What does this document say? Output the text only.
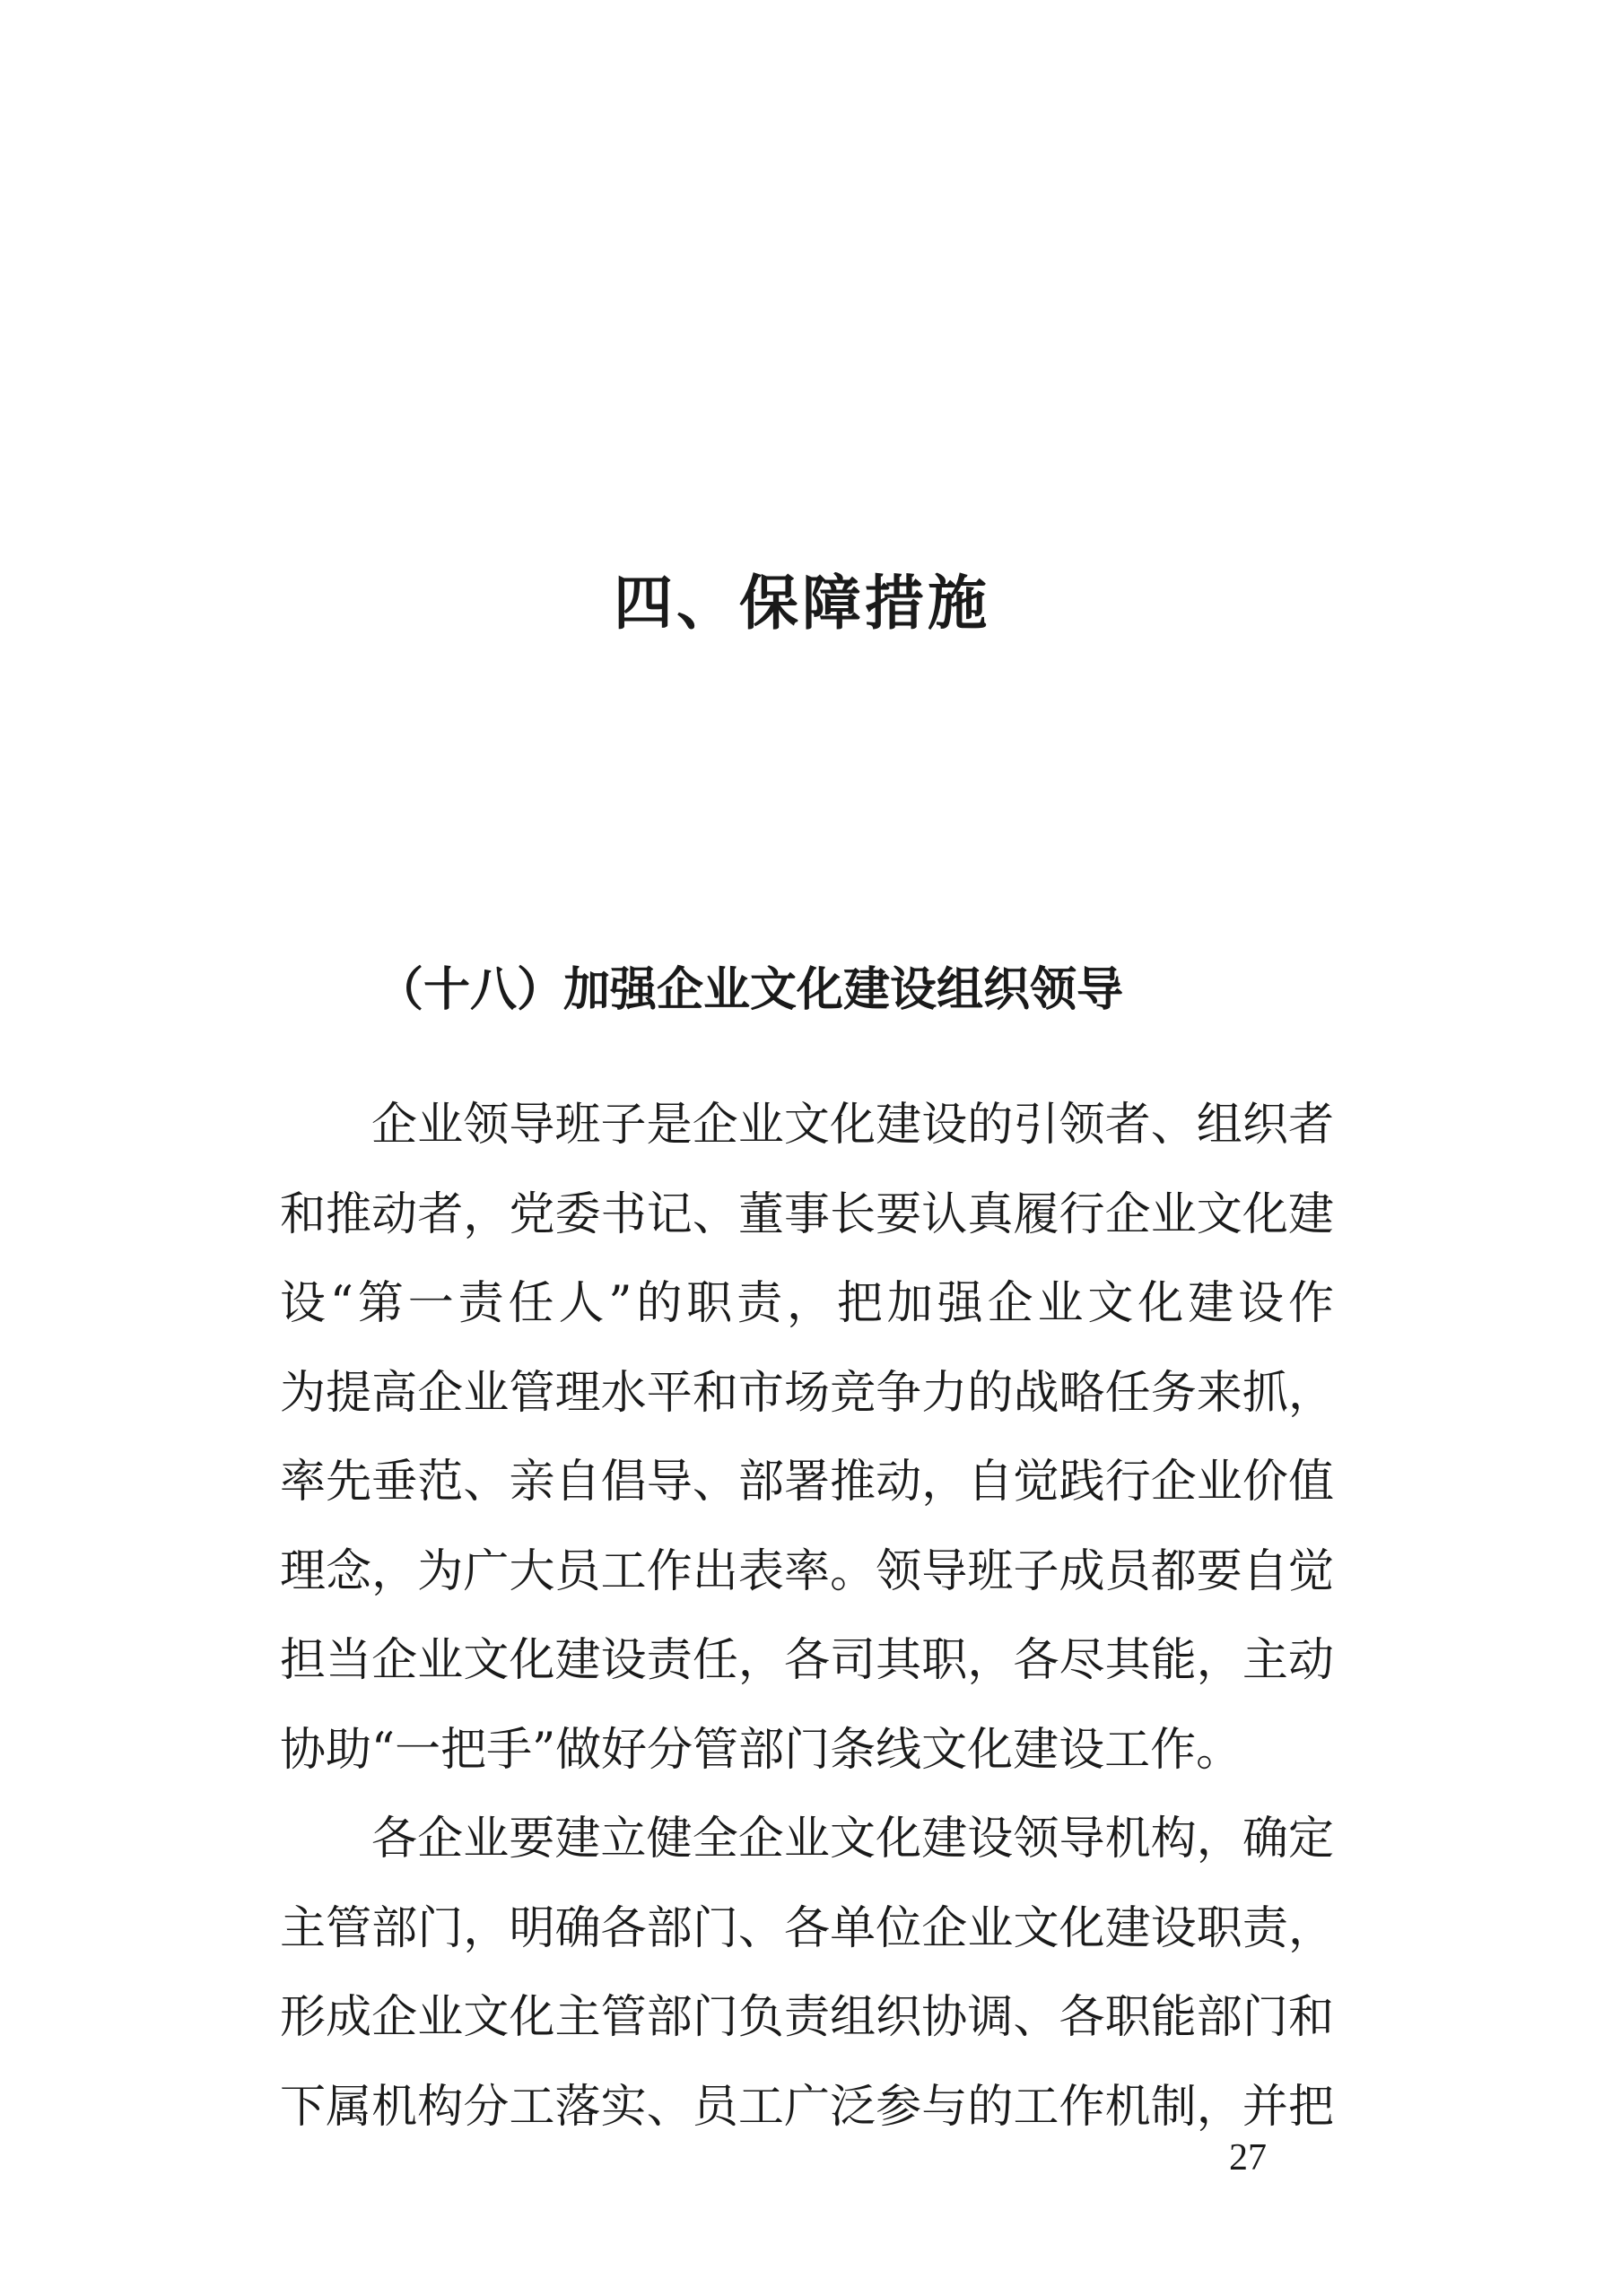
四、保障措施
（十八）加强企业文化建设组织领导
企业领导班子是企业文化建设的引领者、组织者
和推动者，党委书记、董事长要认真履行企业文化建
设“第一责任人”的职责，把加强企业文化建设作
为提高企业管理水平和市场竞争力的战略任务来抓，
率先垂范、亲自倡导、部署推动，自觉践行企业价值
理念，为广大员工作出表率。领导班子成员都要自觉
担当企业文化建设责任，各司其职，各尽其能，主动
协助“一把手”做好分管部门条线文化建设工作。
各企业要建立健全企业文化建设领导机构，确定
主管部门，明确各部门、各单位企业文化建设职责，
形成企业文化主管部门负责组织协调、各职能部门和
下属机构分工落实、员工广泛参与的工作机制，并把
27
